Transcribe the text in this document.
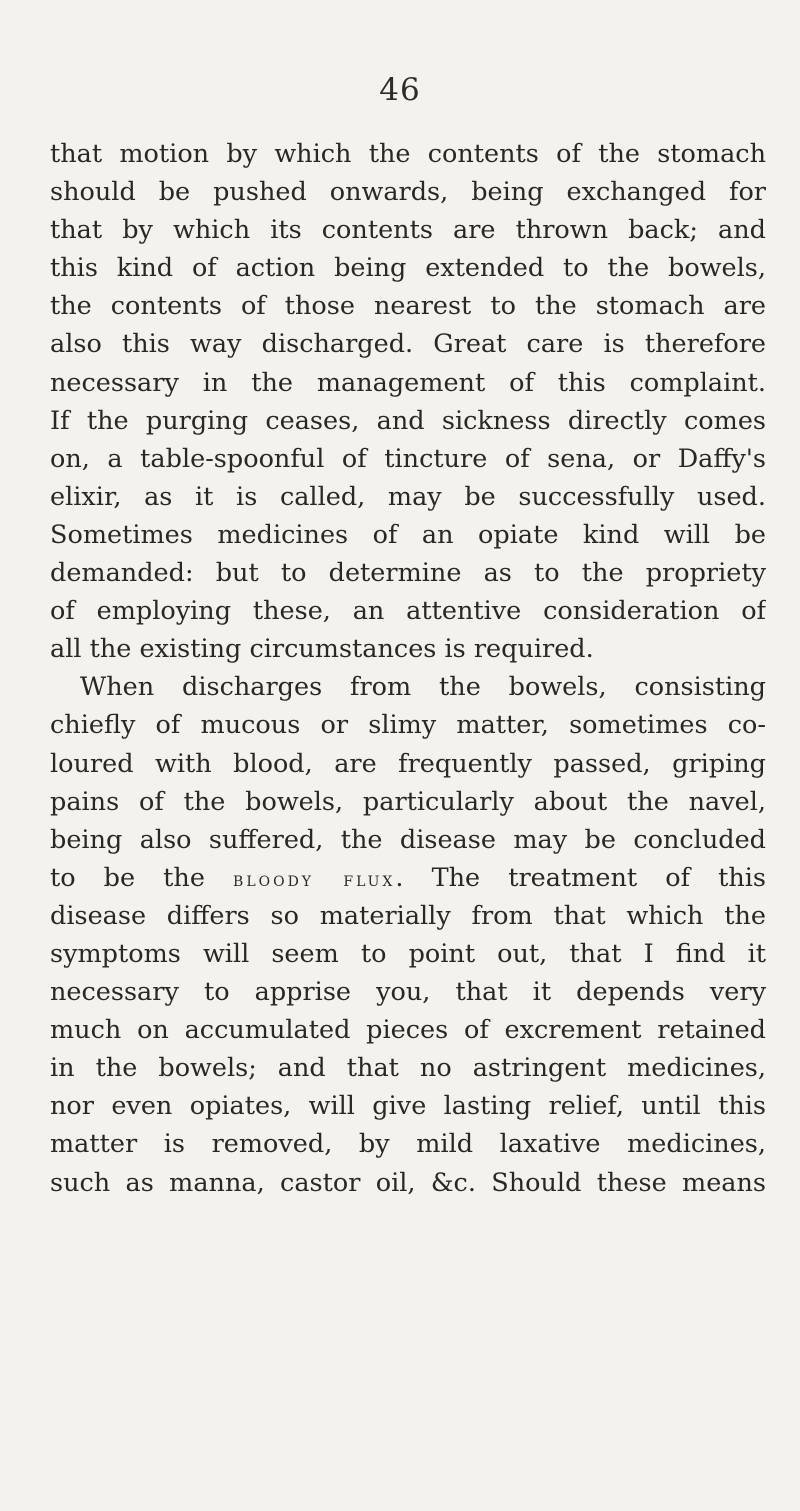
46
that motion by which the contents of the stomach
should be pushed onwards, being exchanged for
that by which its contents are thrown back; and
this kind of action being extended to the bowels,
the contents of those nearest to the stomach are
also this way discharged. Great care is therefore
necessary in the management of this complaint.
If the purging ceases, and sickness directly comes
on, a table-spoonful of tincture of sena, or Daffy's
elixir, as it is called, may be successfully used.
Sometimes medicines of an opiate kind will be
demanded: but to determine as to the propriety
of employing these, an attentive consideration of
all the existing circumstances is required.
When discharges from the bowels, consisting
chiefly of mucous or slimy matter, sometimes co-
loured with blood, are frequently passed, griping
pains of the bowels, particularly about the navel,
being also suffered, the disease may be concluded
to be the bloody flux. The treatment of this
disease differs so materially from that which the
symptoms will seem to point out, that I find it
necessary to apprise you, that it depends very
much on accumulated pieces of excrement retained
in the bowels; and that no astringent medicines,
nor even opiates, will give lasting relief, until this
matter is removed, by mild laxative medicines,
such as manna, castor oil, &c. Should these means
